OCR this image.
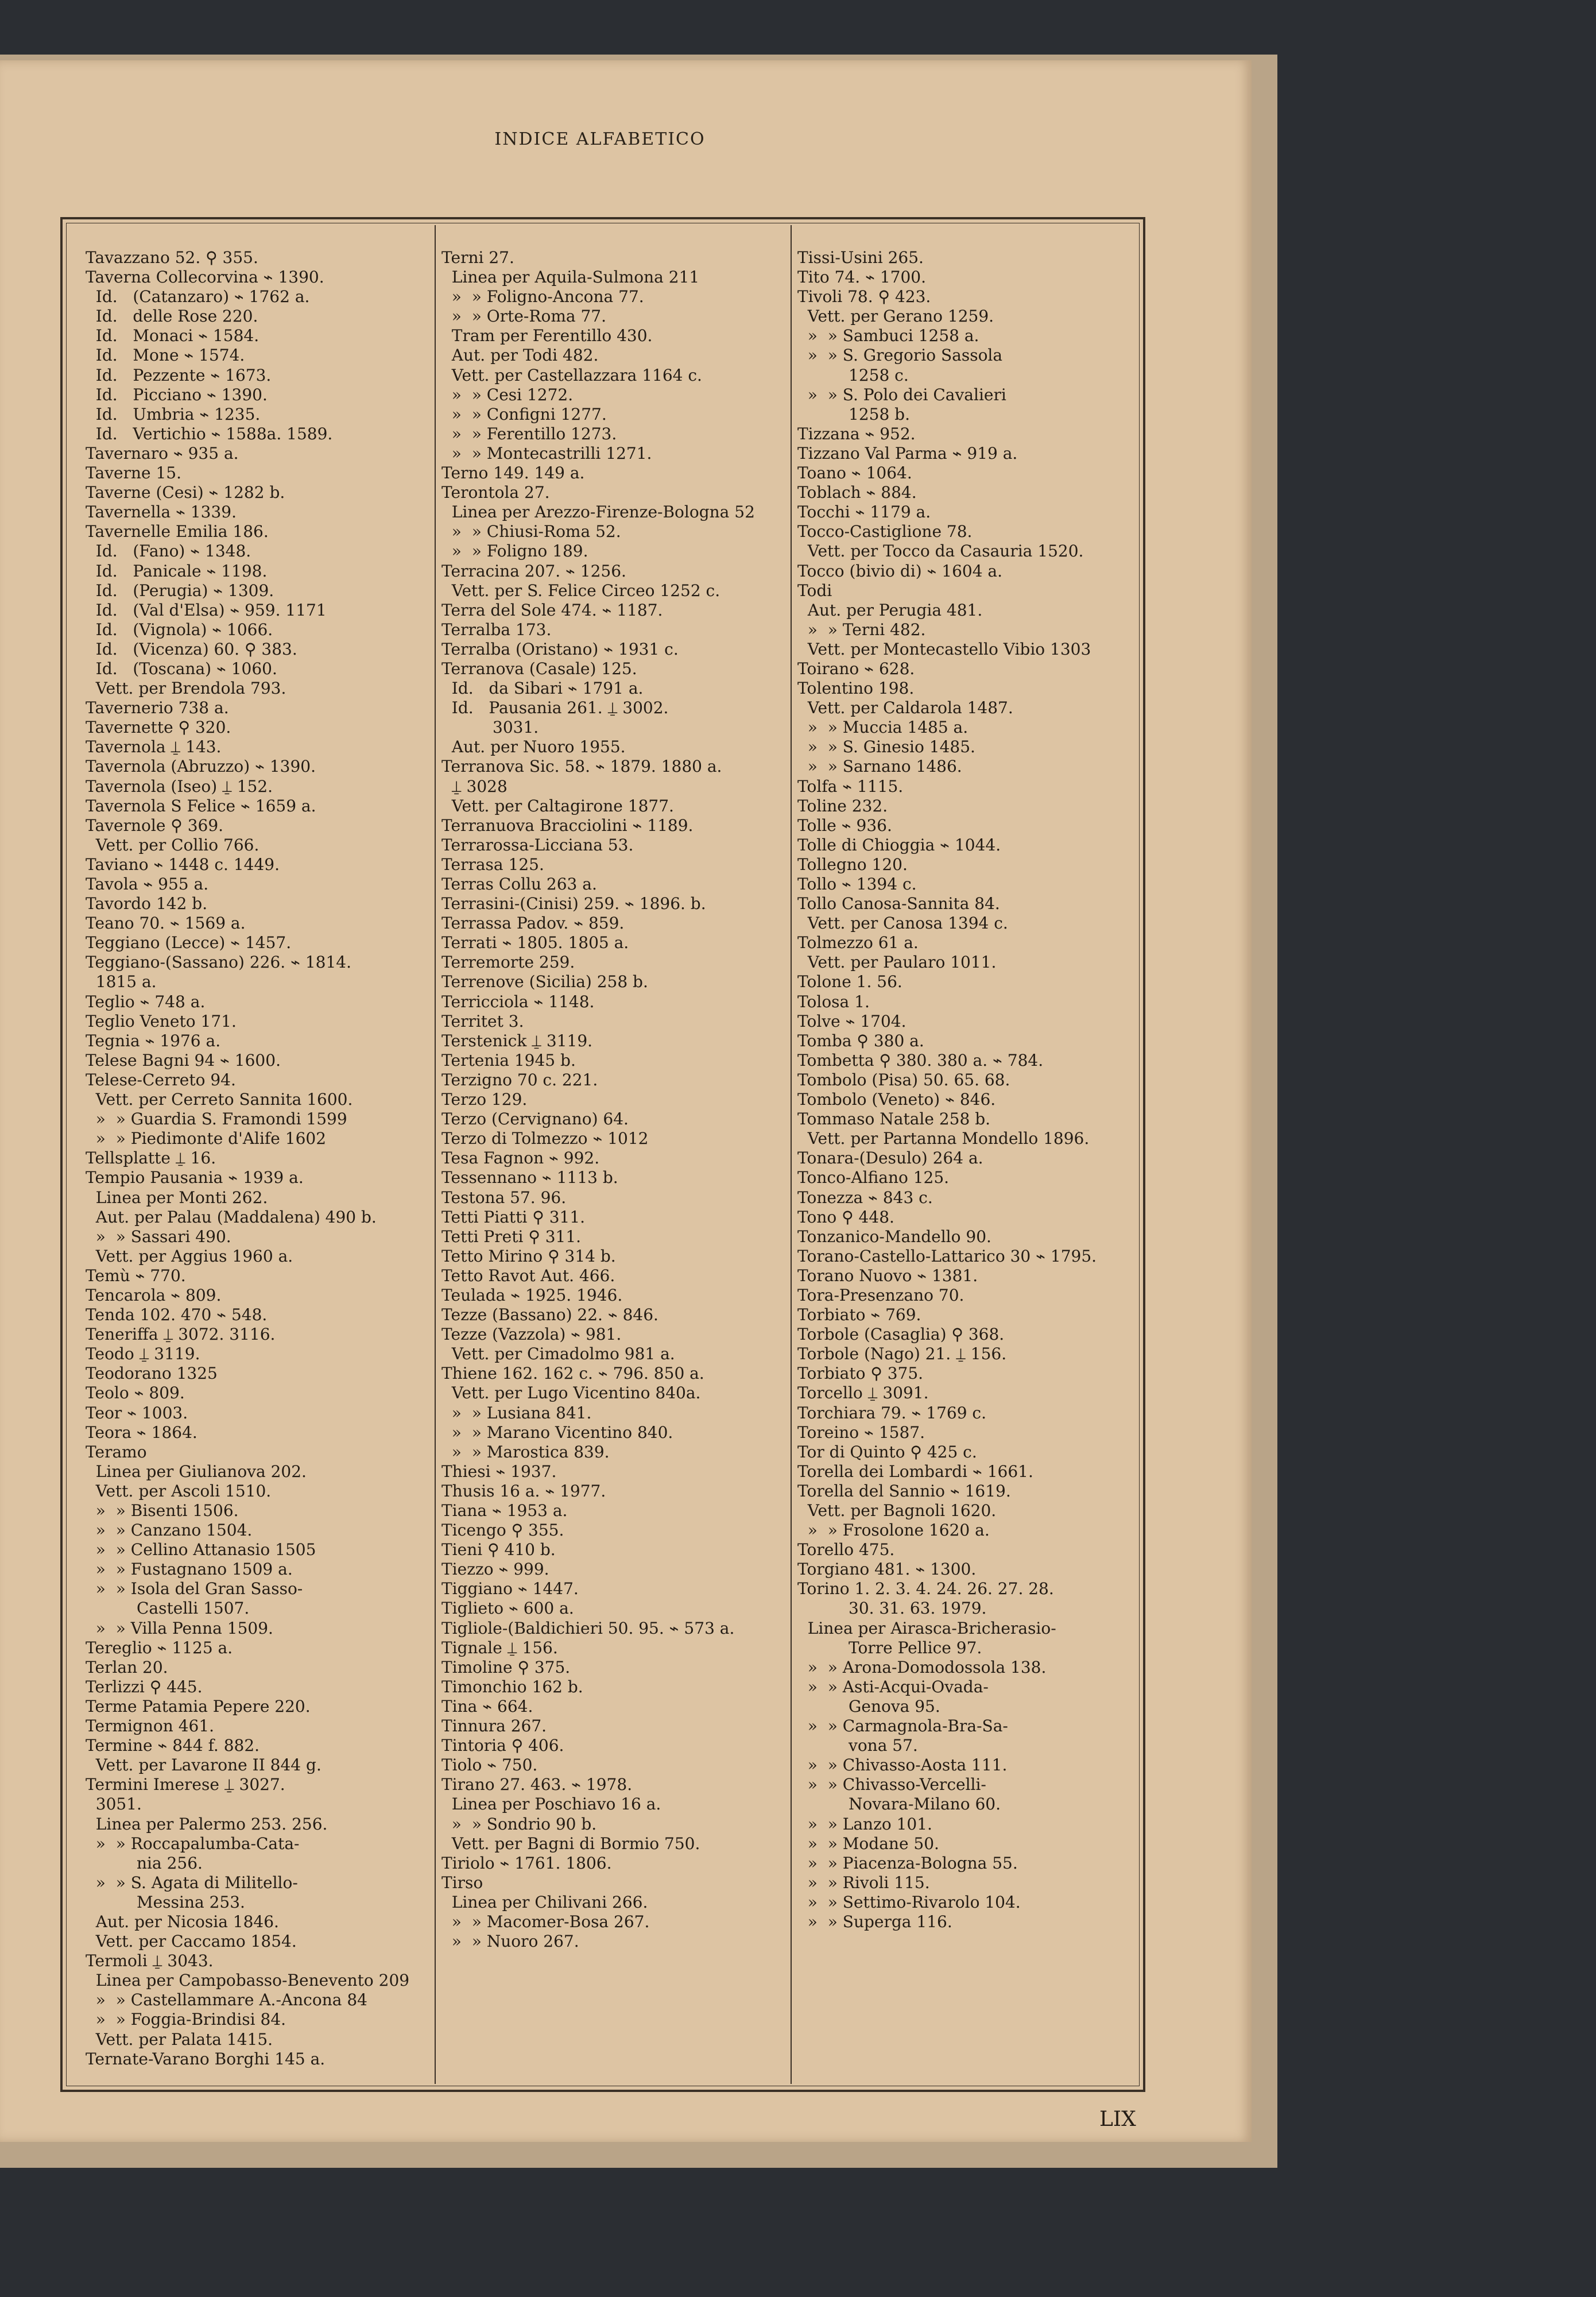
INDICE ALFABETICO
Tavazzano 52. ⚲ 355.
Taverna Collecorvina ⌁ 1390.
Id.   (Catanzaro) ⌁ 1762 a.
Id.   delle Rose 220.
Id.   Monaci ⌁ 1584.
Id.   Mone ⌁ 1574.
Id.   Pezzente ⌁ 1673.
Id.   Picciano ⌁ 1390.
Id.   Umbria ⌁ 1235.
Id.   Vertichio ⌁ 1588a. 1589.
Tavernaro ⌁ 935 a.
Taverne 15.
Taverne (Cesi) ⌁ 1282 b.
Tavernella ⌁ 1339.
Tavernelle Emilia 186.
Id.   (Fano) ⌁ 1348.
Id.   Panicale ⌁ 1198.
Id.   (Perugia) ⌁ 1309.
Id.   (Val d'Elsa) ⌁ 959. 1171
Id.   (Vignola) ⌁ 1066.
Id.   (Vicenza) 60. ⚲ 383.
Id.   (Toscana) ⌁ 1060.
Vett. per Brendola 793.
Tavernerio 738 a.
Tavernette ⚲ 320.
Tavernola ⍊ 143.
Tavernola (Abruzzo) ⌁ 1390.
Tavernola (Iseo) ⍊ 152.
Tavernola S Felice ⌁ 1659 a.
Tavernole ⚲ 369.
Vett. per Collio 766.
Taviano ⌁ 1448 c. 1449.
Tavola ⌁ 955 a.
Tavordo 142 b.
Teano 70. ⌁ 1569 a.
Teggiano (Lecce) ⌁ 1457.
Teggiano-(Sassano) 226. ⌁ 1814.
1815 a.
Teglio ⌁ 748 a.
Teglio Veneto 171.
Tegnia ⌁ 1976 a.
Telese Bagni 94 ⌁ 1600.
Telese-Cerreto 94.
Vett. per Cerreto Sannita 1600.
»  » Guardia S. Framondi 1599
»  » Piedimonte d'Alife 1602
Tellsplatte ⍊ 16.
Tempio Pausania ⌁ 1939 a.
Linea per Monti 262.
Aut. per Palau (Maddalena) 490 b.
»  » Sassari 490.
Vett. per Aggius 1960 a.
Temù ⌁ 770.
Tencarola ⌁ 809.
Tenda 102. 470 ⌁ 548.
Teneriffa ⍊ 3072. 3116.
Teodo ⍊ 3119.
Teodorano 1325
Teolo ⌁ 809.
Teor ⌁ 1003.
Teora ⌁ 1864.
Teramo
Linea per Giulianova 202.
Vett. per Ascoli 1510.
»  » Bisenti 1506.
»  » Canzano 1504.
»  » Cellino Attanasio 1505
»  » Fustagnano 1509 a.
»  » Isola del Gran Sasso-
Castelli 1507.
»  » Villa Penna 1509.
Tereglio ⌁ 1125 a.
Terlan 20.
Terlizzi ⚲ 445.
Terme Patamia Pepere 220.
Termignon 461.
Termine ⌁ 844 f. 882.
Vett. per Lavarone II 844 g.
Termini Imerese ⍊ 3027.
3051.
Linea per Palermo 253. 256.
»  » Roccapalumba-Cata-
nia 256.
»  » S. Agata di Militello-
Messina 253.
Aut. per Nicosia 1846.
Vett. per Caccamo 1854.
Termoli ⍊ 3043.
Linea per Campobasso-Benevento 209
»  » Castellammare A.-Ancona 84
»  » Foggia-Brindisi 84.
Vett. per Palata 1415.
Ternate-Varano Borghi 145 a.
Terni 27.
Linea per Aquila-Sulmona 211
»  » Foligno-Ancona 77.
»  » Orte-Roma 77.
Tram per Ferentillo 430.
Aut. per Todi 482.
Vett. per Castellazzara 1164 c.
»  » Cesi 1272.
»  » Configni 1277.
»  » Ferentillo 1273.
»  » Montecastrilli 1271.
Terno 149. 149 a.
Terontola 27.
Linea per Arezzo-Firenze-Bologna 52
»  » Chiusi-Roma 52.
»  » Foligno 189.
Terracina 207. ⌁ 1256.
Vett. per S. Felice Circeo 1252 c.
Terra del Sole 474. ⌁ 1187.
Terralba 173.
Terralba (Oristano) ⌁ 1931 c.
Terranova (Casale) 125.
Id.   da Sibari ⌁ 1791 a.
Id.   Pausania 261. ⍊ 3002.
3031.
Aut. per Nuoro 1955.
Terranova Sic. 58. ⌁ 1879. 1880 a.
⍊ 3028
Vett. per Caltagirone 1877.
Terranuova Bracciolini ⌁ 1189.
Terrarossa-Licciana 53.
Terrasa 125.
Terras Collu 263 a.
Terrasini-(Cinisi) 259. ⌁ 1896. b.
Terrassa Padov. ⌁ 859.
Terrati ⌁ 1805. 1805 a.
Terremorte 259.
Terrenove (Sicilia) 258 b.
Terricciola ⌁ 1148.
Territet 3.
Terstenick ⍊ 3119.
Tertenia 1945 b.
Terzigno 70 c. 221.
Terzo 129.
Terzo (Cervignano) 64.
Terzo di Tolmezzo ⌁ 1012
Tesa Fagnon ⌁ 992.
Tessennano ⌁ 1113 b.
Testona 57. 96.
Tetti Piatti ⚲ 311.
Tetti Preti ⚲ 311.
Tetto Mirino ⚲ 314 b.
Tetto Ravot Aut. 466.
Teulada ⌁ 1925. 1946.
Tezze (Bassano) 22. ⌁ 846.
Tezze (Vazzola) ⌁ 981.
Vett. per Cimadolmo 981 a.
Thiene 162. 162 c. ⌁ 796. 850 a.
Vett. per Lugo Vicentino 840a.
»  » Lusiana 841.
»  » Marano Vicentino 840.
»  » Marostica 839.
Thiesi ⌁ 1937.
Thusis 16 a. ⌁ 1977.
Tiana ⌁ 1953 a.
Ticengo ⚲ 355.
Tieni ⚲ 410 b.
Tiezzo ⌁ 999.
Tiggiano ⌁ 1447.
Tiglieto ⌁ 600 a.
Tigliole-(Baldichieri 50. 95. ⌁ 573 a.
Tignale ⍊ 156.
Timoline ⚲ 375.
Timonchio 162 b.
Tina ⌁ 664.
Tinnura 267.
Tintoria ⚲ 406.
Tiolo ⌁ 750.
Tirano 27. 463. ⌁ 1978.
Linea per Poschiavo 16 a.
»  » Sondrio 90 b.
Vett. per Bagni di Bormio 750.
Tiriolo ⌁ 1761. 1806.
Tirso
Linea per Chilivani 266.
»  » Macomer-Bosa 267.
»  » Nuoro 267.
Tissi-Usini 265.
Tito 74. ⌁ 1700.
Tivoli 78. ⚲ 423.
Vett. per Gerano 1259.
»  » Sambuci 1258 a.
»  » S. Gregorio Sassola
1258 c.
»  » S. Polo dei Cavalieri
1258 b.
Tizzana ⌁ 952.
Tizzano Val Parma ⌁ 919 a.
Toano ⌁ 1064.
Toblach ⌁ 884.
Tocchi ⌁ 1179 a.
Tocco-Castiglione 78.
Vett. per Tocco da Casauria 1520.
Tocco (bivio di) ⌁ 1604 a.
Todi
Aut. per Perugia 481.
»  » Terni 482.
Vett. per Montecastello Vibio 1303
Toirano ⌁ 628.
Tolentino 198.
Vett. per Caldarola 1487.
»  » Muccia 1485 a.
»  » S. Ginesio 1485.
»  » Sarnano 1486.
Tolfa ⌁ 1115.
Toline 232.
Tolle ⌁ 936.
Tolle di Chioggia ⌁ 1044.
Tollegno 120.
Tollo ⌁ 1394 c.
Tollo Canosa-Sannita 84.
Vett. per Canosa 1394 c.
Tolmezzo 61 a.
Vett. per Paularo 1011.
Tolone 1. 56.
Tolosa 1.
Tolve ⌁ 1704.
Tomba ⚲ 380 a.
Tombetta ⚲ 380. 380 a. ⌁ 784.
Tombolo (Pisa) 50. 65. 68.
Tombolo (Veneto) ⌁ 846.
Tommaso Natale 258 b.
Vett. per Partanna Mondello 1896.
Tonara-(Desulo) 264 a.
Tonco-Alfiano 125.
Tonezza ⌁ 843 c.
Tono ⚲ 448.
Tonzanico-Mandello 90.
Torano-Castello-Lattarico 30 ⌁ 1795.
Torano Nuovo ⌁ 1381.
Tora-Presenzano 70.
Torbiato ⌁ 769.
Torbole (Casaglia) ⚲ 368.
Torbole (Nago) 21. ⍊ 156.
Torbiato ⚲ 375.
Torcello ⍊ 3091.
Torchiara 79. ⌁ 1769 c.
Toreino ⌁ 1587.
Tor di Quinto ⚲ 425 c.
Torella dei Lombardi ⌁ 1661.
Torella del Sannio ⌁ 1619.
Vett. per Bagnoli 1620.
»  » Frosolone 1620 a.
Torello 475.
Torgiano 481. ⌁ 1300.
Torino 1. 2. 3. 4. 24. 26. 27. 28.
30. 31. 63. 1979.
Linea per Airasca-Bricherasio-
Torre Pellice 97.
»  » Arona-Domodossola 138.
»  » Asti-Acqui-Ovada-
Genova 95.
»  » Carmagnola-Bra-Sa-
vona 57.
»  » Chivasso-Aosta 111.
»  » Chivasso-Vercelli-
Novara-Milano 60.
»  » Lanzo 101.
»  » Modane 50.
»  » Piacenza-Bologna 55.
»  » Rivoli 115.
»  » Settimo-Rivarolo 104.
»  » Superga 116.
LIX
